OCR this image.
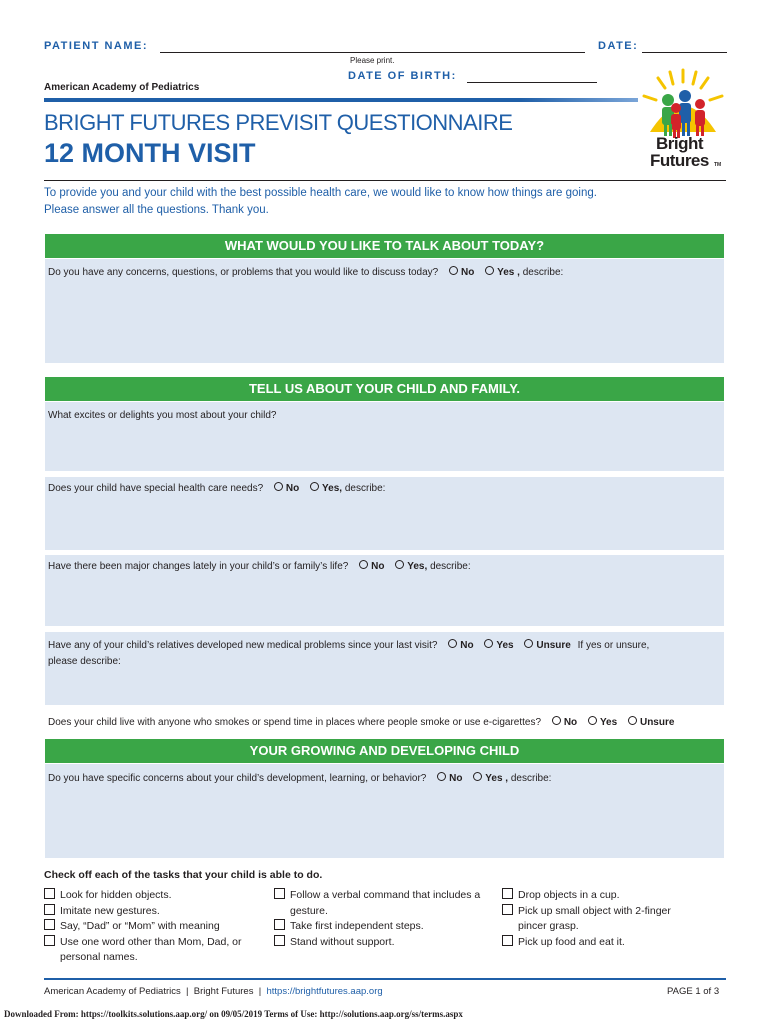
PATIENT NAME:	DATE:
Please print.
DATE OF BIRTH:
American Academy of Pediatrics
BRIGHT FUTURES PREVISIT QUESTIONNAIRE
12 MONTH VISIT	Bright
Futures TM
To provide you and your child with the best possible health care, we would like to know how things are going.
Please answer all the questions. Thank you.
WHAT WOULD YOU LIKE TO TALK ABOUT TODAY?
Do you have any concerns, questions, or problems that you would like to discuss today? No Yes , describe:
TELL US ABOUT YOUR CHILD AND FAMILY.
What excites or delights you most about your child?
Does your child have special health care needs? No Yes, describe:
Have there been major changes lately in your child’s or family’s life? No Yes, describe:
Have any of your child’s relatives developed new medical problems since your last visit? No Yes Unsure If yes or unsure,
please describe:
Does your child live with anyone who smokes or spend time in places where people smoke or use e-cigarettes? No Yes Unsure
YOUR GROWING AND DEVELOPING CHILD
Do you have specific concerns about your child’s development, learning, or behavior? No Yes , describe:
Check off each of the tasks that your child is able to do.
Look for hidden objects.
Imitate new gestures.
Say, “Dad” or “Mom” with meaning
Use one word other than Mom, Dad, or personal names.
Follow a verbal command that includes a gesture.
Take first independent steps.
Stand without support.
Drop objects in a cup.
Pick up small object with 2-finger pincer grasp.
Pick up food and eat it.
American Academy of Pediatrics  |  Bright Futures  |  https://brightfutures.aap.org	PAGE 1 of 3
Downloaded From: https://toolkits.solutions.aap.org/ on 09/05/2019 Terms of Use: http://solutions.aap.org/ss/terms.aspx
